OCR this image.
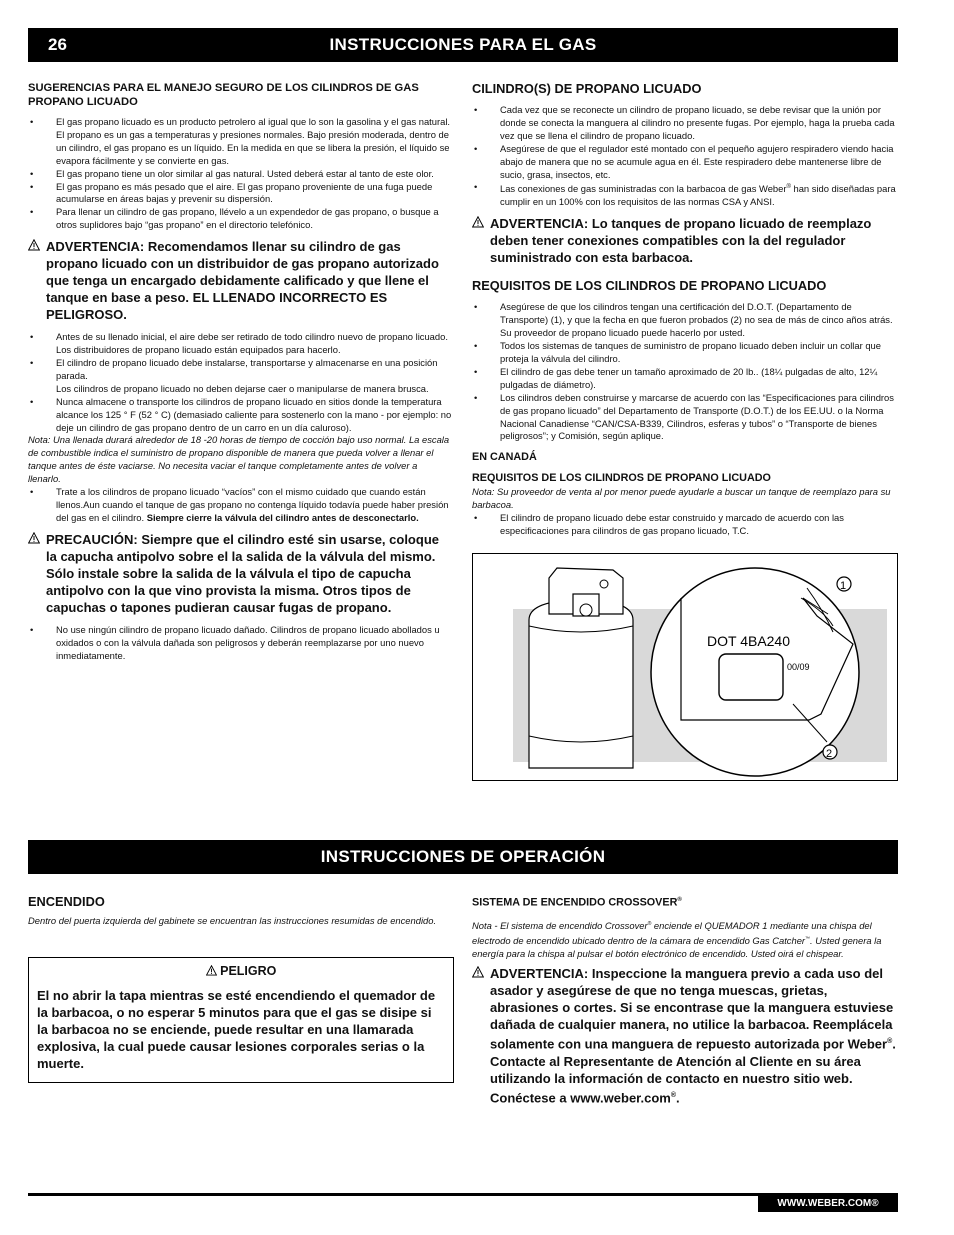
26	INSTRUCCIONES PARA EL GAS
SUGERENCIAS PARA EL MANEJO SEGURO DE LOS CILINDROS DE GAS PROPANO LICUADO
• El gas propano licuado es un producto petrolero al igual que lo son la gasolina y el gas natural. El propano es un gas a temperaturas y presiones normales. Bajo presión moderada, dentro de un cilindro, el gas propano es un líquido. En la medida en que se libera la presión, el líquido se evapora fácilmente y se convierte en gas.
• El gas propano tiene un olor similar al gas natural. Usted deberá estar al tanto de este olor.
• El gas propano es más pesado que el aire. El gas propano proveniente de una fuga puede acumularse en áreas bajas y prevenir su dispersión.
• Para llenar un cilindro de gas propano, llévelo a un expendedor de gas propano, o busque a otros suplidores bajo “gas propano” en el directorio telefónico.
ADVERTENCIA: Recomendamos llenar su cilindro de gas propano licuado con un distribuidor de gas propano autorizado que tenga un encargado debidamente calificado y que llene el tanque en base a peso. EL LLENADO INCORRECTO ES PELIGROSO.
• Antes de su llenado inicial, el aire debe ser retirado de todo cilindro nuevo de propano licuado. Los distribuidores de propano licuado están equipados para hacerlo.
• El cilindro de propano licuado debe instalarse, transportarse y almacenarse en una posición parada.

Los cilindros de propano licuado no deben dejarse caer o manipularse de manera brusca.

• Nunca almacene o transporte los cilindros de propano licuado en sitios donde la temperatura alcance los 125 ° F (52 ° C) (demasiado caliente para sostenerlo con la mano - por ejemplo: no deje un cilindro de gas propano dentro de un carro en un día caluroso).

Nota: Una llenada durará alrededor de 18 -20 horas de tiempo de cocción bajo uso normal. La escala de combustible indica el suministro de propano disponible de manera que pueda volver a llenar el tanque antes de éste vaciarse. No necesita vaciar el tanque completamente antes de volver a llenarlo.

• Trate a los cilindros de propano licuado “vacíos” con el mismo cuidado que cuando están llenos.Aun cuando el tanque de gas propano no contenga líquido todavía puede haber presión del gas en el cilindro. Siempre cierre la válvula del cilindro antes de desconectarlo.
PRECAUCIÓN: Siempre que el cilindro esté sin usarse, coloque la capucha antipolvo sobre el la salida de la válvula del mismo. Sólo instale sobre la salida de la válvula el tipo de capucha antipolvo con la que vino provista la misma. Otros tipos de capuchas o tapones pudieran causar fugas de propano.
• No use ningún cilindro de propano licuado dañado. Cilindros de propano licuado abollados u oxidados o con la válvula dañada son peligrosos y deberán reemplazarse por uno nuevo inmediatamente.
CILINDRO(S) DE PROPANO LICUADO
• Cada vez que se reconecte un cilindro de propano licuado, se debe revisar que la unión por donde se conecta la manguera al cilindro no presente fugas. Por ejemplo, haga la prueba cada vez que se llena el cilindro de propano licuado.
• Asegúrese de que el regulador esté montado con el pequeño agujero respiradero viendo hacia abajo de manera que no se acumule agua en él. Este respiradero debe mantenerse libre de sucio, grasa, insectos, etc.
• Las conexiones de gas suministradas con la barbacoa de gas Weber® han sido diseñadas para cumplir en un 100% con los requisitos de las normas CSA y ANSI.
ADVERTENCIA: Lo tanques de propano licuado de reemplazo deben tener conexiones compatibles con la del regulador suministrado con esta barbacoa.
REQUISITOS DE LOS CILINDROS DE PROPANO LICUADO
• Asegúrese de que los cilindros tengan una certificación del D.O.T. (Departamento de Transporte) (1), y que la fecha en que fueron probados (2) no sea de más de cinco años atrás. Su proveedor de propano licuado puede hacerlo por usted.
• Todos los sistemas de tanques de suministro de propano licuado deben incluir un collar que proteja la válvula del cilindro.
• El cilindro de gas debe tener un tamaño aproximado de 20 lb.. (18¼ pulgadas de alto, 12¼ pulgadas de diámetro).
• Los cilindros deben construirse y marcarse de acuerdo con las “Especificaciones para cilindros de gas propano licuado” del Departamento de Transporte (D.O.T.) de los EE.UU. o la Norma Nacional Canadiense “CAN/CSA-B339, Cilindros, esferas y tubos” o “Transporte de bienes peligrosos”; y Comisión, según aplique.
EN CANADÁ
REQUISITOS DE LOS CILINDROS DE PROPANO LICUADO

Nota: Su proveedor de venta al por menor puede ayudarle a buscar un tanque de reemplazo para su barbacoa.

• El cilindro de propano licuado debe estar construido y marcado de acuerdo con las especificaciones para cilindros de gas propano licuado, T.C.
DOT 4BA240
00/09
1
2
INSTRUCCIONES DE OPERACIÓN
ENCENDIDO

Dentro del puerta izquierda del gabinete se encuentran las instrucciones resumidas de encendido.

PELIGRO
El no abrir la tapa mientras se esté encendiendo el quemador de la barbacoa, o no esperar 5 minutos para que el gas se disipe si la barbacoa no se enciende, puede resultar en una llamarada explosiva, la cual puede causar lesiones corporales serias o la muerte.
SISTEMA DE ENCENDIDO CROSSOVER®

Nota - El sistema de encendido Crossover® enciende el QUEMADOR 1 mediante una chispa del electrodo de encendido ubicado dentro de la cámara de encendido Gas Catcher™. Usted genera la energía para la chispa al pulsar el botón electrónico de encendido. Usted oirá el chispear.

ADVERTENCIA: Inspeccione la manguera previo a cada uso del asador y asegúrese de que no tenga muescas, grietas, abrasiones o cortes. Si se encontrase que la manguera estuviese dañada de cualquier manera, no utilice la barbacoa. Reemplácela solamente con una manguera de repuesto autorizada por Weber®. Contacte al Representante de Atención al Cliente en su área utilizando la información de contacto en nuestro sitio web. Conéctese a www.weber.com®.
WWW.WEBER.COM®
